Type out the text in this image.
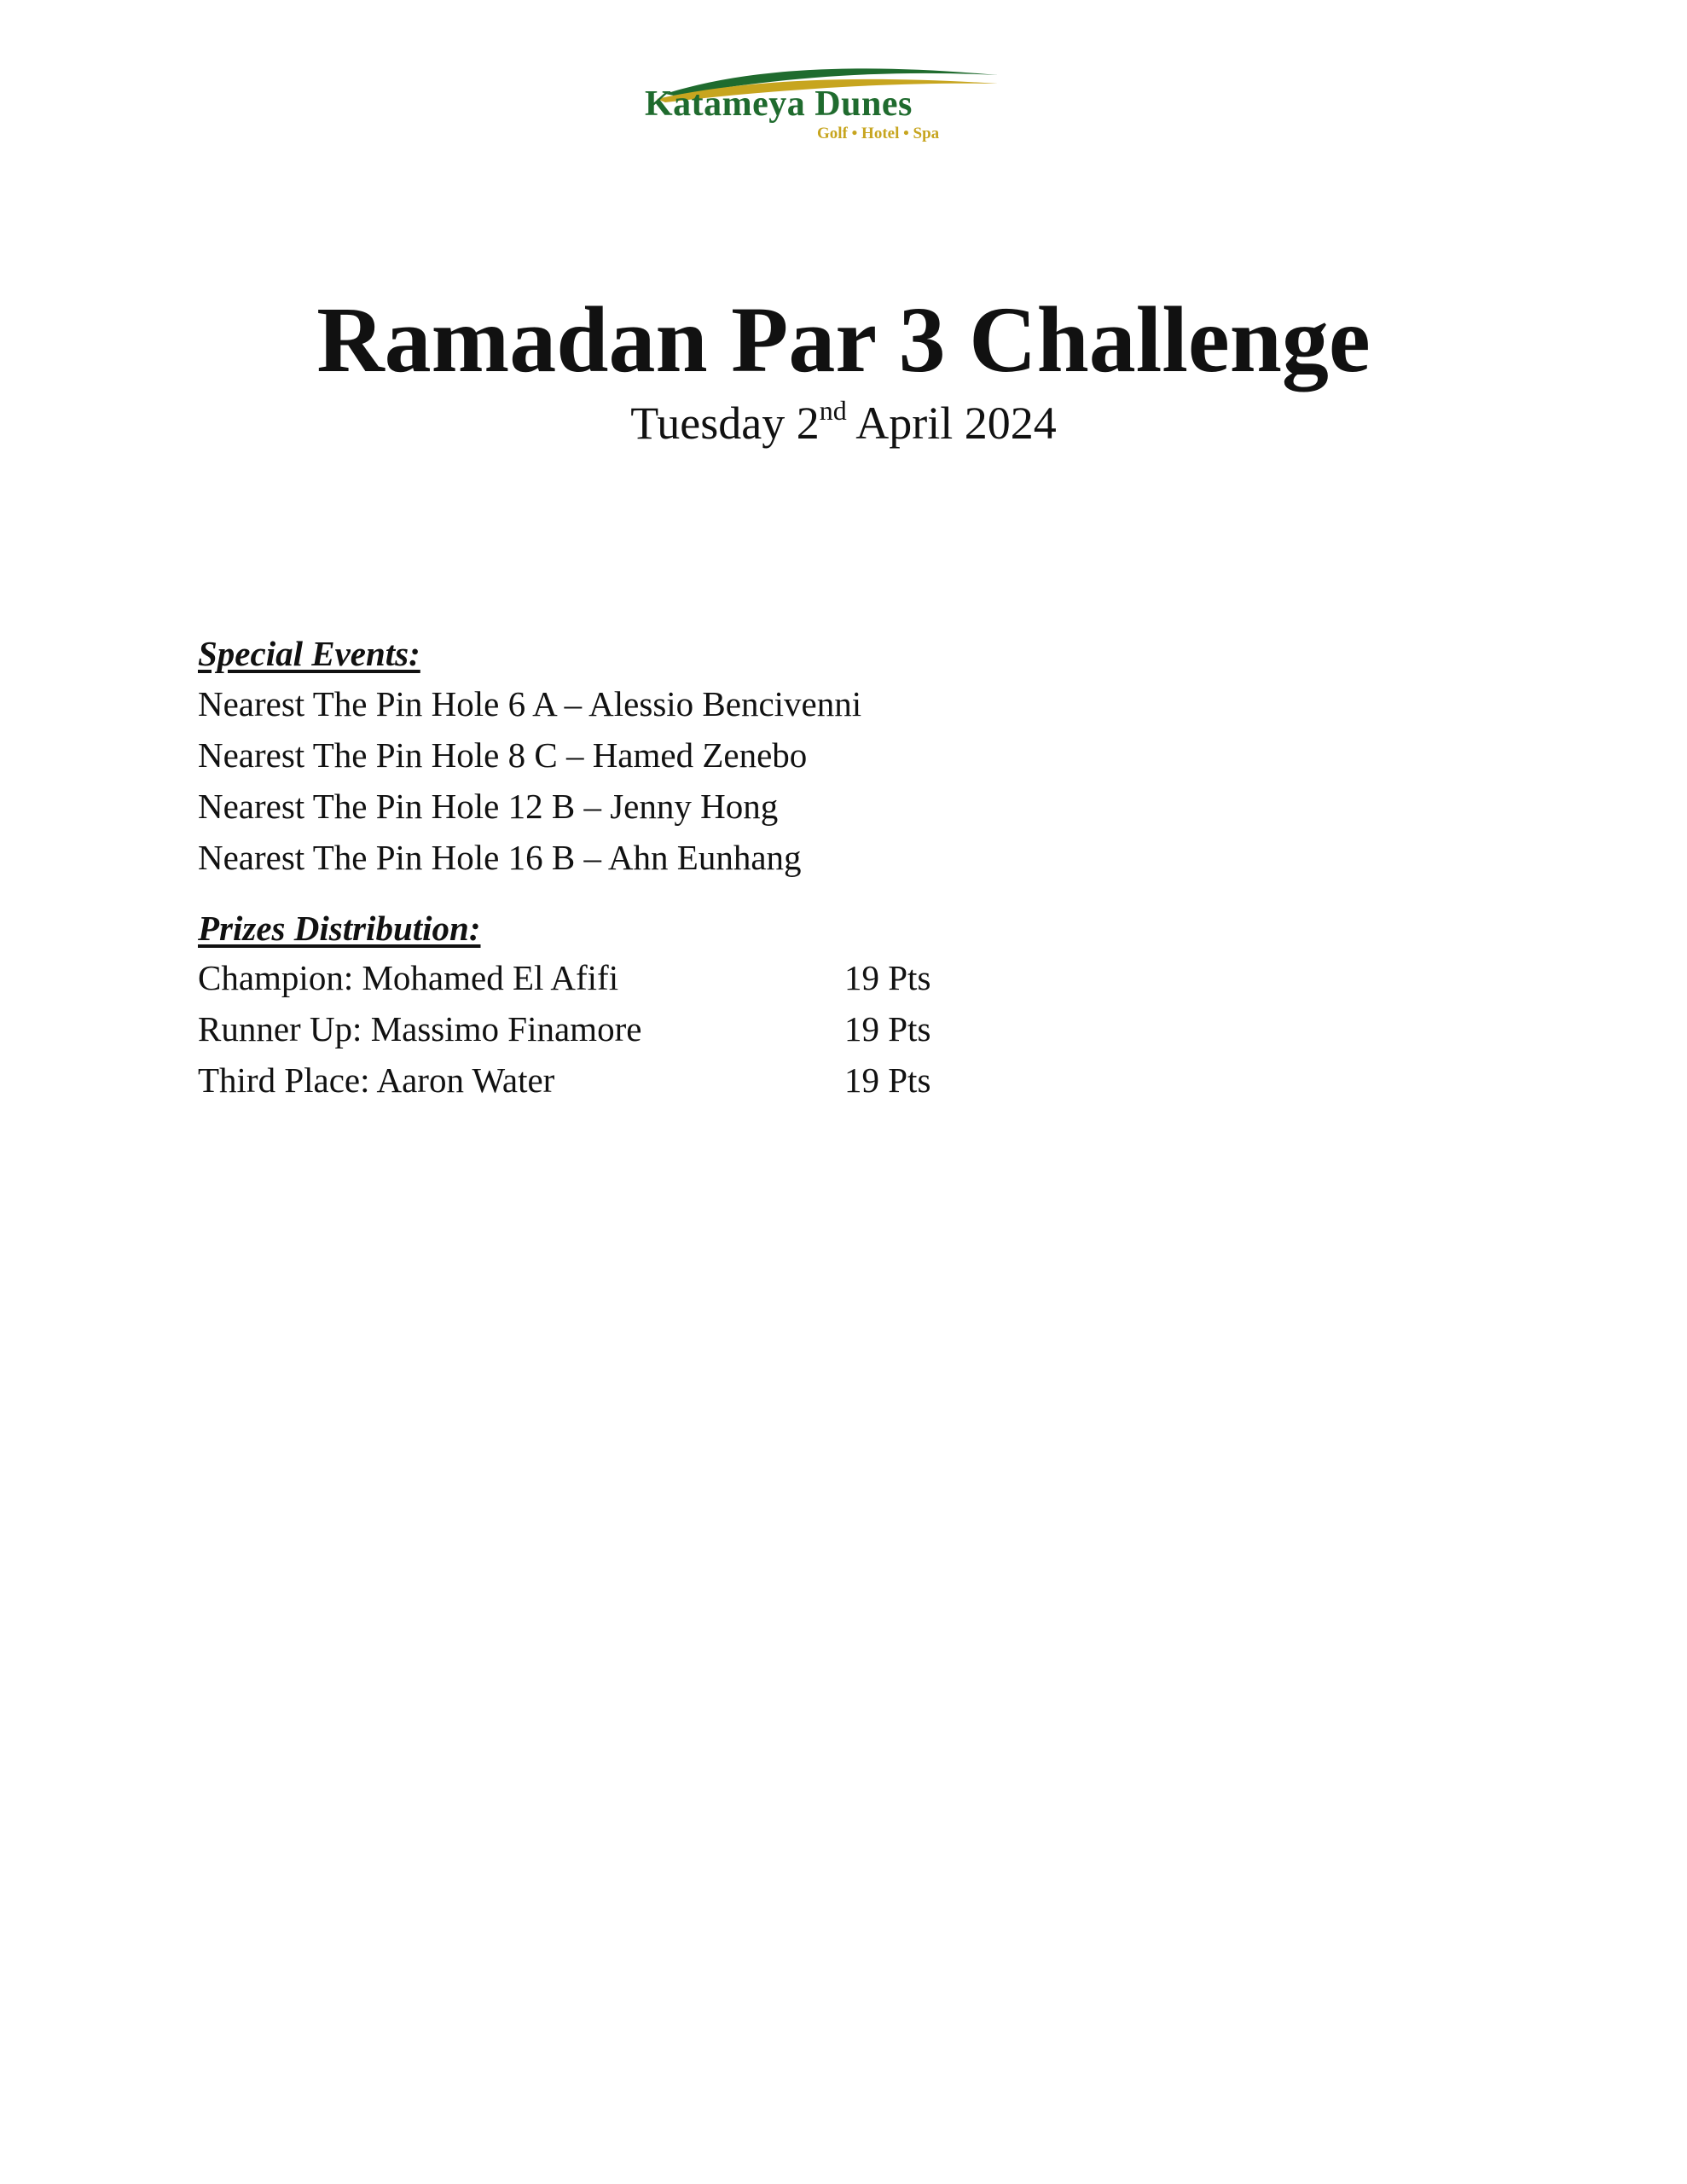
Katameya Dunes
Golf • Hotel • Spa
Ramadan Par 3 Challenge
Tuesday 2nd April 2024
Special Events:
Nearest The Pin Hole 6 A – Alessio Bencivenni
Nearest The Pin Hole 8 C – Hamed Zenebo
Nearest The Pin Hole 12 B – Jenny Hong
Nearest The Pin Hole 16 B – Ahn Eunhang
Prizes Distribution:
Champion: Mohamed El Afifi	19 Pts
Runner Up: Massimo Finamore	19 Pts
Third Place: Aaron Water	19 Pts
